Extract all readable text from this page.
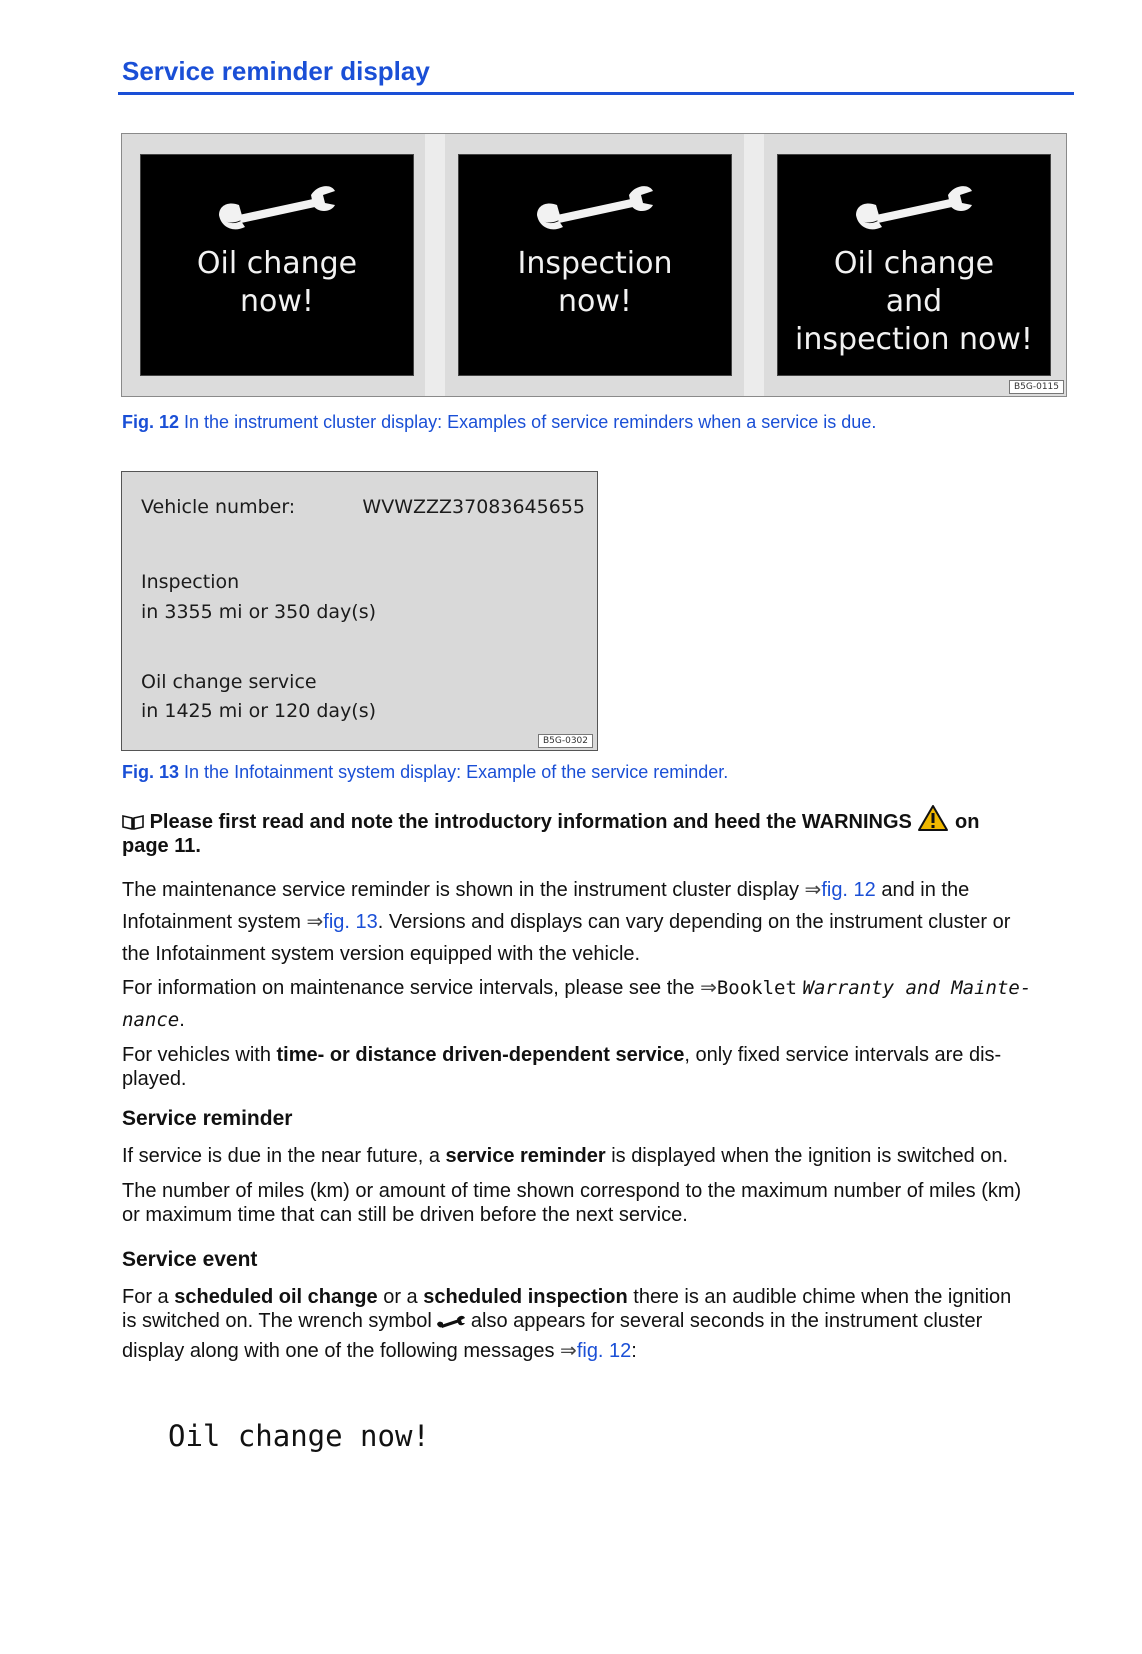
Service reminder display
Oil change
now!
Inspection
now!
Oil change
and
inspection now!
B5G-0115

Fig. 12 In the instrument cluster display: Examples of service reminders when a service is due.

Vehicle number:	WVWZZZ37083645655
Inspection
in 3355 mi or 350 day(s)
Oil change service
in 1425 mi or 120 day(s)
B5G-0302

Fig. 13 In the Infotainment system display: Example of the service reminder.

Please first read and note the introductory information and heed the WARNINGS on
page 11.

The maintenance service reminder is shown in the instrument cluster display ⇒fig. 12 and in the
Infotainment system ⇒fig. 13. Versions and displays can vary depending on the instrument cluster or
the Infotainment system version equipped with the vehicle.

For information on maintenance service intervals, please see the ⇒Booklet Warranty and Mainte-
nance.

For vehicles with time- or distance driven-dependent service, only fixed service intervals are dis-
played.

Service reminder

If service is due in the near future, a service reminder is displayed when the ignition is switched on.

The number of miles (km) or amount of time shown correspond to the maximum number of miles (km)
or maximum time that can still be driven before the next service.

Service event

For a scheduled oil change or a scheduled inspection there is an audible chime when the ignition
is switched on. The wrench symbol also appears for several seconds in the instrument cluster
display along with one of the following messages ⇒fig. 12:

Oil change now!
